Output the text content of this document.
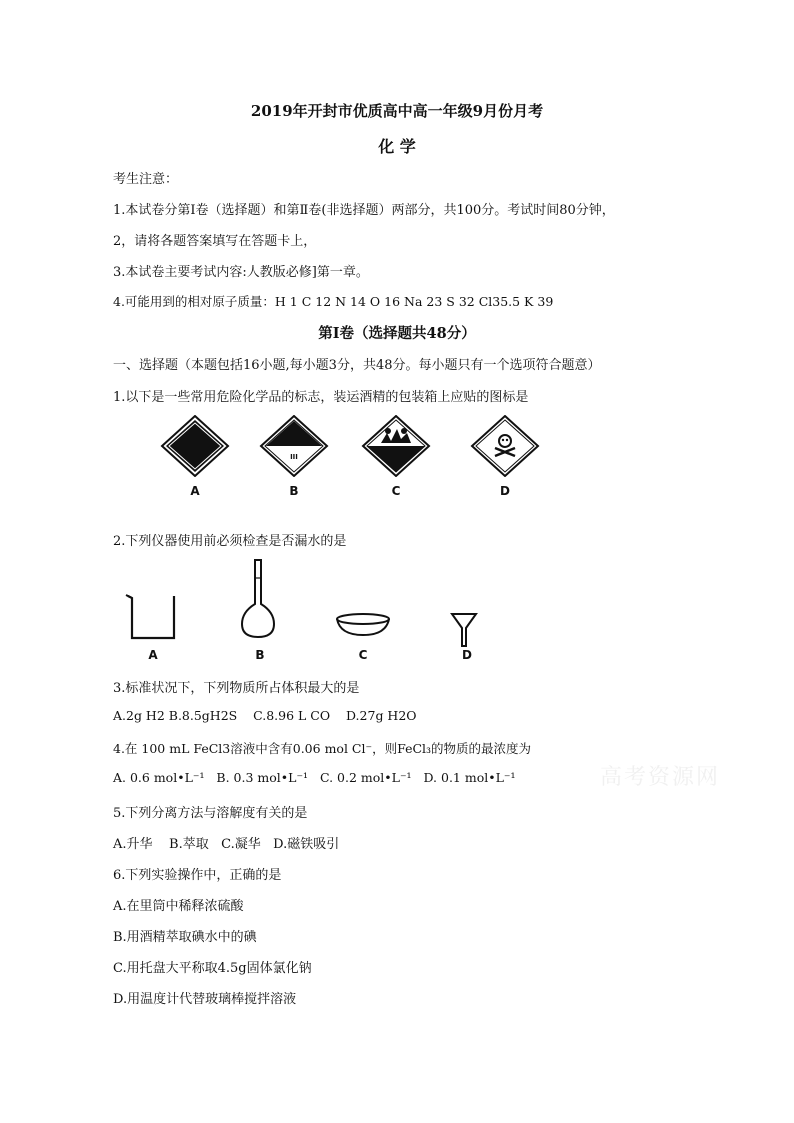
2019年开封市优质高中高一年级9月份月考
化 学
考生注意：
1.本试卷分第Ⅰ卷（选择题）和第Ⅱ卷(非选择题）两部分，共100分。考试时间80分钟，
2，请将各题答案填写在答题卡上，
3.本试卷主要考试内容:人教版必修]第一章。
4.可能用到的相对原子质量：H 1 C 12 N 14 O 16 Na 23 S 32 Cl35.5 K 39
第Ⅰ卷（选择题共48分）
一、选择题（本题包括16小题,每小题3分，共48分。每小题只有一个选项符合题意）
1.以下是一些常用危险化学品的标志，装运酒精的包装箱上应贴的图标是
III
A	B	C	D
2.下列仪器使用前必须检查是否漏水的是
A	B	C	D
3.标准状况下，下列物质所占体积最大的是
A.2g H2 B.8.5gH2S    C.8.96 L CO    D.27g H2O
4.在 100 mL FeCl3溶液中含有0.06 mol Cl⁻，则FeCl₃的物质的最浓度为
A. 0.6 mol•L⁻¹   B. 0.3 mol•L⁻¹   C. 0.2 mol•L⁻¹   D. 0.1 mol•L⁻¹	高考资源网
5.下列分离方法与溶解度有关的是
A.升华    B.萃取   C.凝华   D.磁铁吸引
6.下列实验操作中，正确的是
A.在里筒中稀释浓硫酸
B.用酒精萃取碘水中的碘
C.用托盘大平称取4.5g固体氯化钠
D.用温度计代替玻璃棒搅拌溶液
